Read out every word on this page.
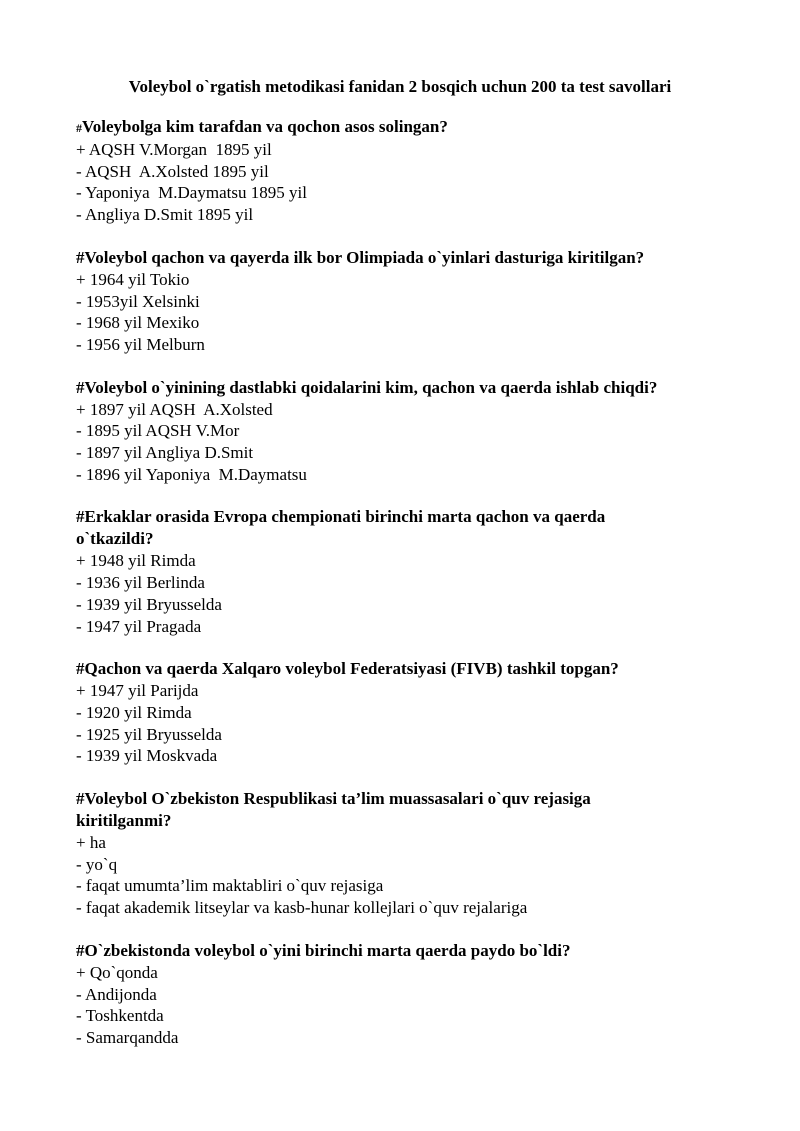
Voleybol o`rgatish metodikasi fanidan 2 bosqich uchun 200 ta test savollari

#Voleybolga kim tarafdan va qochon asos solingan?

+ AQSH V.Morgan  1895 yil

- AQSH  A.Xolsted 1895 yil

- Yaponiya  M.Daymatsu 1895 yil

- Angliya D.Smit 1895 yil

#Voleybol qachon va qayerda ilk bor Olimpiada o`yinlari dasturiga kiritilgan?

+ 1964 yil Tokio

- 1953yil Xelsinki

- 1968 yil Mexiko

- 1956 yil Melburn

#Voleybol o`yinining dastlabki qoidalarini kim, qachon va qaerda ishlab chiqdi?

+ 1897 yil AQSH  A.Xolsted

- 1895 yil AQSH V.Mor

- 1897 yil Angliya D.Smit

- 1896 yil Yaponiya  M.Daymatsu

#Erkaklar orasida Evropa chempionati birinchi marta qachon va qaerda o`tkazildi?

+ 1948 yil Rimda

- 1936 yil Berlinda

- 1939 yil Bryusselda

- 1947 yil Pragada

#Qachon va qaerda Xalqaro voleybol Federatsiyasi (FIVB) tashkil topgan?

+ 1947 yil Parijda

- 1920 yil Rimda

- 1925 yil Bryusselda

- 1939 yil Moskvada

#Voleybol O`zbekiston Respublikasi ta’lim muassasalari o`quv rejasiga kiritilganmi?

+ ha

- yo`q

- faqat umumta’lim maktabliri o`quv rejasiga

- faqat akademik litseylar va kasb-hunar kollejlari o`quv rejalariga

#O`zbekistonda voleybol o`yini birinchi marta qaerda paydo bo`ldi?

+ Qo`qonda

- Andijonda

- Toshkentda

- Samarqandda
